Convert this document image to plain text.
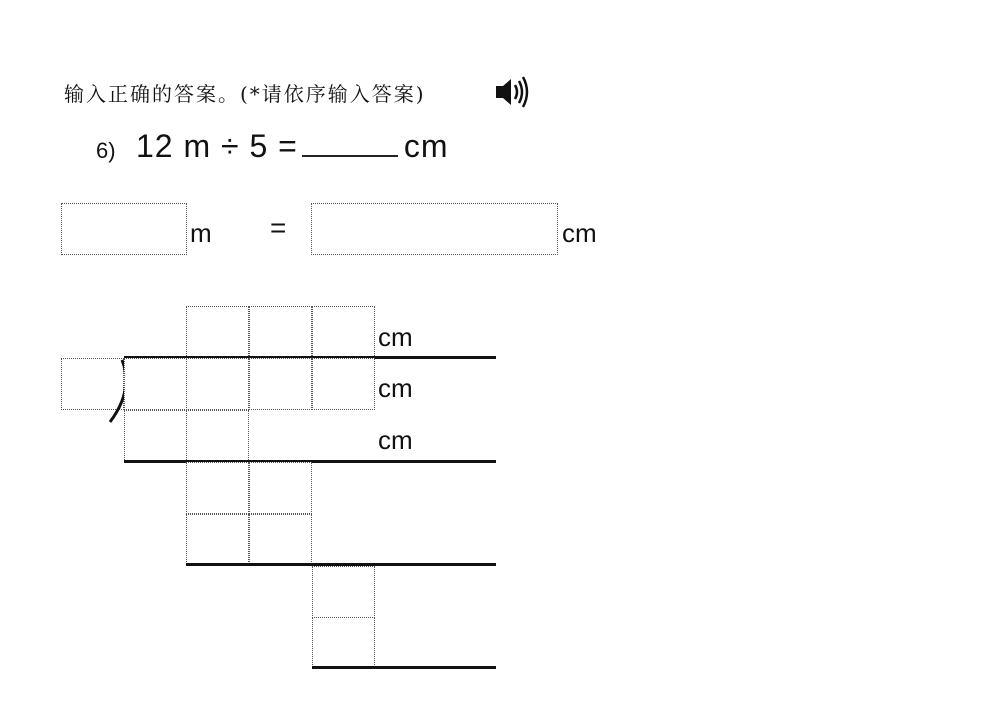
输入正确的答案。(*请依序输入答案)
6) 12 m ÷ 5 =	cm
m =	cm
cm
cm
cm
